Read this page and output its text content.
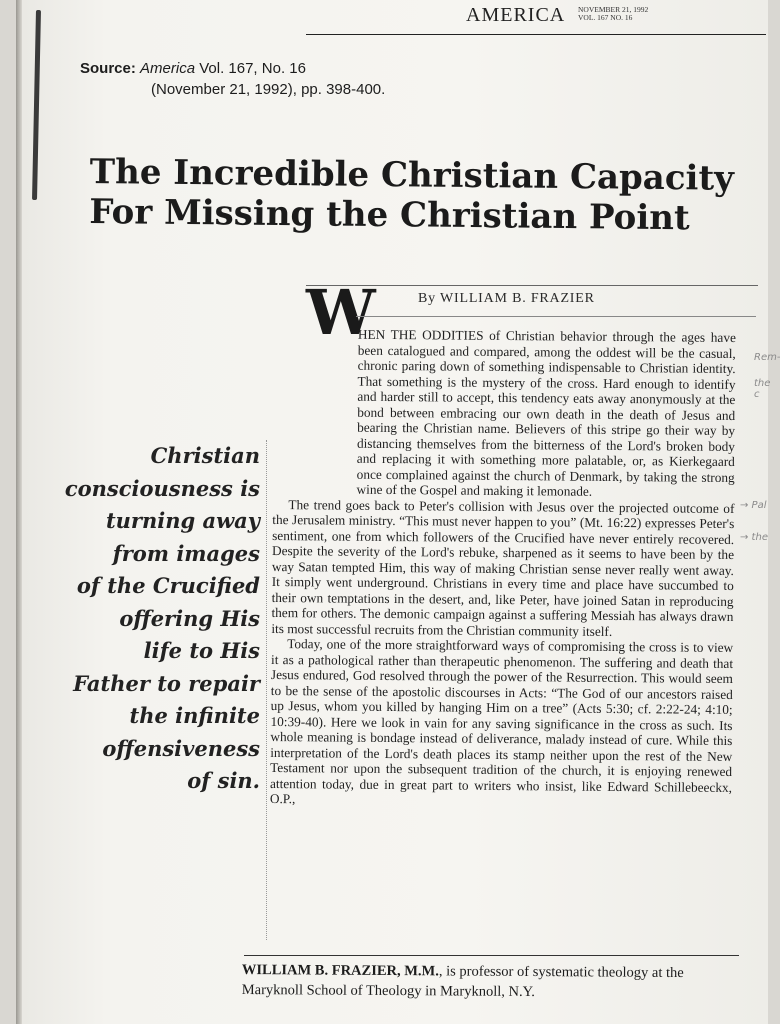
AMERICA NOVEMBER 21, 1992
VOL. 167 NO. 16
Source: America Vol. 167, No. 16
(November 21, 1992), pp. 398-400.
The Incredible Christian Capacity
For Missing the Christian Point
W	By WILLIAM B. FRAZIER

HEN THE ODDITIES of Christian behavior through the ages have been catalogued and compared, among the oddest will be the casual, chronic paring down of something indispensable to Christian identity. That something is the mystery of the cross. Hard enough to identify and harder still to accept, this tendency eats away anonymously at the bond between embracing our own death in the death of Jesus and bearing the Christian name. Believers of this stripe go their way by distancing themselves from the bitterness of the Lord's broken body and replacing it with something more palatable, or, as Kierkegaard once complained against the church of Denmark, by taking the strong wine of the Gospel and making it lemonade.

The trend goes back to Peter's collision with Jesus over the projected outcome of the Jerusalem ministry. “This must never happen to you” (Mt. 16:22) expresses Peter's sentiment, one from which followers of the Crucified have never entirely recovered. Despite the severity of the Lord's rebuke, sharpened as it seems to have been by the way Satan tempted Him, this way of making Christian sense never really went away. It simply went underground. Christians in every time and place have succumbed to their own temptations in the desert, and, like Peter, have joined Satan in reproducing them for others. The demonic campaign against a suffering Messiah has always drawn its most successful recruits from the Christian community itself.

Today, one of the more straightforward ways of compromising the cross is to view it as a pathological rather than therapeutic phenomenon. The suffering and death that Jesus endured, God resolved through the power of the Resurrection. This would seem to be the sense of the apostolic discourses in Acts: “The God of our ancestors raised up Jesus, whom you killed by hanging Him on a tree” (Acts 5:30; cf. 2:22-24; 4:10; 10:39-40). Here we look in vain for any saving significance in the cross as such. Its whole meaning is bondage instead of deliverance, malady instead of cure. While this interpretation of the Lord's death places its stamp neither upon the rest of the New Testament nor upon the subsequent tradition of the church, it is enjoying renewed attention today, due in great part to writers who insist, like Edward Schillebeeckx, O.P.,

Christian
consciousness is
turning away
from images
of the Crucified
offering His
life to His
Father to repair
the infinite
offensiveness
of sin.
Rem-
the c
→ Pal
→ the
WILLIAM B. FRAZIER, M.M., is professor of systematic theology at the Maryknoll School of Theology in Maryknoll, N.Y.
